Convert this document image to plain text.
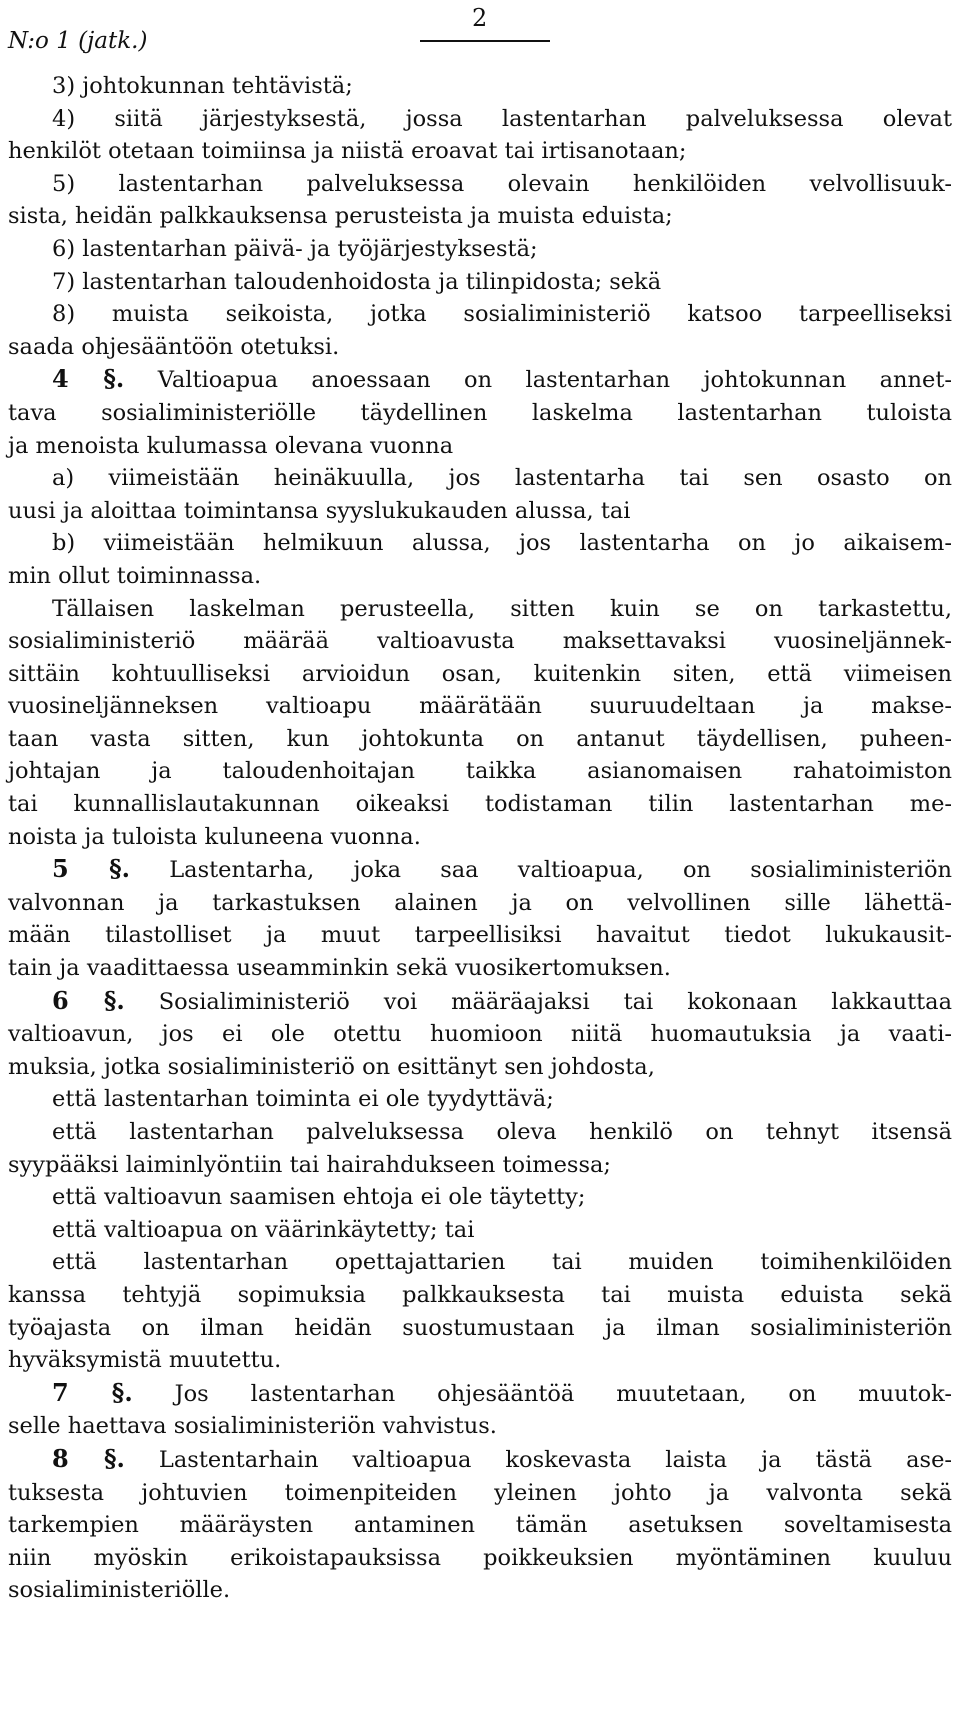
N:o 1 (jatk.)
2
3) johtokunnan tehtävistä;
4) siitä järjestyksestä, jossa lastentarhan palveluksessa olevat
henkilöt otetaan toimiinsa ja niistä eroavat tai irtisanotaan;
5) lastentarhan palveluksessa olevain henkilöiden velvollisuuk-
sista, heidän palkkauksensa perusteista ja muista eduista;
6) lastentarhan päivä- ja työjärjestyksestä;
7) lastentarhan taloudenhoidosta ja tilinpidosta; sekä
8) muista seikoista, jotka sosialiministeriö katsoo tarpeelliseksi
saada ohjesääntöön otetuksi.
4 §. Valtioapua anoessaan on lastentarhan johtokunnan annet-
tava sosialiministeriölle täydellinen laskelma lastentarhan tuloista
ja menoista kulumassa olevana vuonna
a) viimeistään heinäkuulla, jos lastentarha tai sen osasto on
uusi ja aloittaa toimintansa syyslukukauden alussa, tai
b) viimeistään helmikuun alussa, jos lastentarha on jo aikaisem-
min ollut toiminnassa.
Tällaisen laskelman perusteella, sitten kuin se on tarkastettu,
sosialiministeriö määrää valtioavusta maksettavaksi vuosineljännek-
sittäin kohtuulliseksi arvioidun osan, kuitenkin siten, että viimeisen
vuosineljänneksen valtioapu määrätään suuruudeltaan ja makse-
taan vasta sitten, kun johtokunta on antanut täydellisen, puheen-
johtajan ja taloudenhoitajan taikka asianomaisen rahatoimiston
tai kunnallislautakunnan oikeaksi todistaman tilin lastentarhan me-
noista ja tuloista kuluneena vuonna.
5 §. Lastentarha, joka saa valtioapua, on sosialiministeriön
valvonnan ja tarkastuksen alainen ja on velvollinen sille lähettä-
mään tilastolliset ja muut tarpeellisiksi havaitut tiedot lukukausit-
tain ja vaadittaessa useamminkin sekä vuosikertomuksen.
6 §. Sosialiministeriö voi määräajaksi tai kokonaan lakkauttaa
valtioavun, jos ei ole otettu huomioon niitä huomautuksia ja vaati-
muksia, jotka sosialiministeriö on esittänyt sen johdosta,
että lastentarhan toiminta ei ole tyydyttävä;
että lastentarhan palveluksessa oleva henkilö on tehnyt itsensä
syypääksi laiminlyöntiin tai hairahdukseen toimessa;
että valtioavun saamisen ehtoja ei ole täytetty;
että valtioapua on väärinkäytetty; tai
että lastentarhan opettajattarien tai muiden toimihenkilöiden
kanssa tehtyjä sopimuksia palkkauksesta tai muista eduista sekä
työajasta on ilman heidän suostumustaan ja ilman sosialiministeriön
hyväksymistä muutettu.
7 §. Jos lastentarhan ohjesääntöä muutetaan, on muutok-
selle haettava sosialiministeriön vahvistus.
8 §. Lastentarhain valtioapua koskevasta laista ja tästä ase-
tuksesta johtuvien toimenpiteiden yleinen johto ja valvonta sekä
tarkempien määräysten antaminen tämän asetuksen soveltamisesta
niin myöskin erikoistapauksissa poikkeuksien myöntäminen kuuluu
sosialiministeriölle.
